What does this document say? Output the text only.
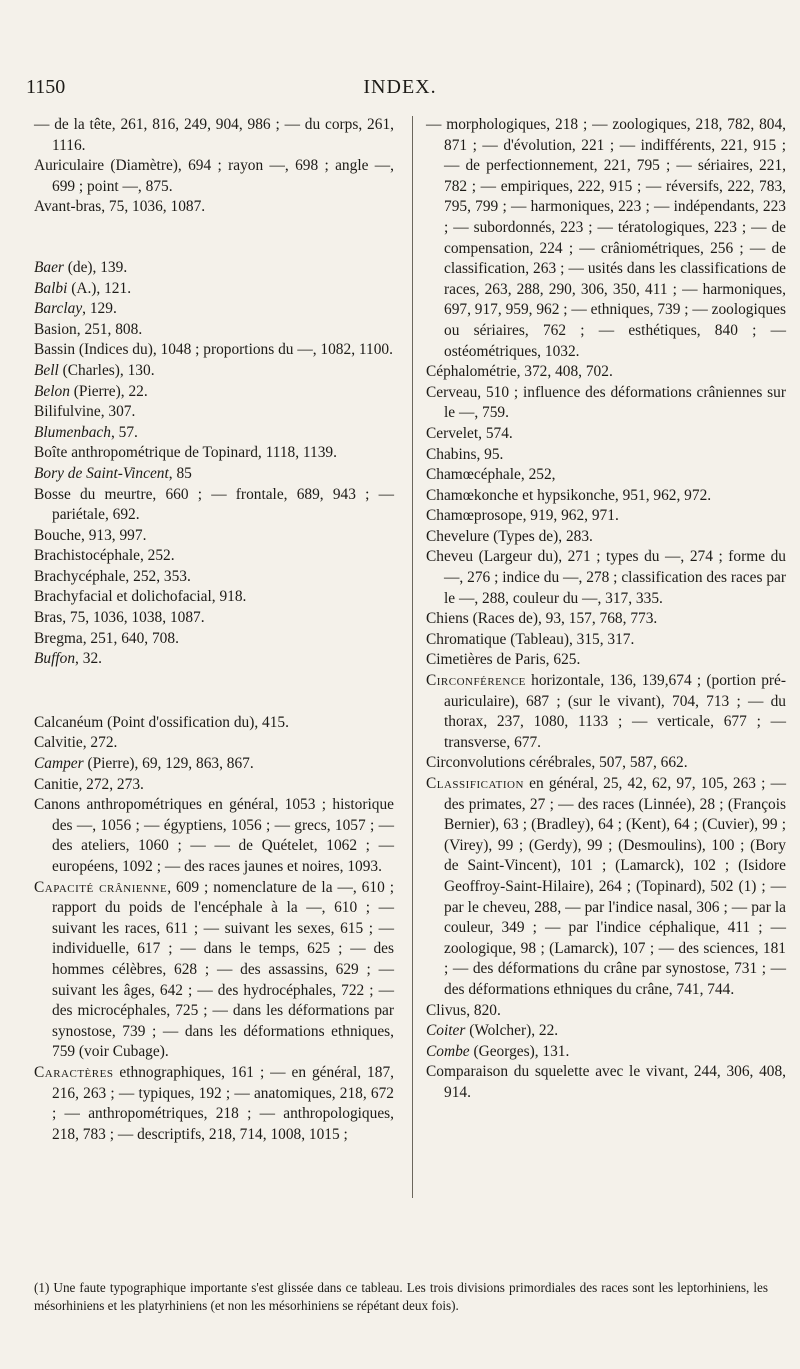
1150	INDEX.

— de la tête, 261, 816, 249, 904, 986 ; — du corps, 261, 1116.

Auriculaire (Diamètre), 694 ; rayon —, 698 ; angle —, 699 ; point —, 875.

Avant-bras, 75, 1036, 1087.

Baer (de), 139.

Balbi (A.), 121.

Barclay, 129.

Basion, 251, 808.

Bassin (Indices du), 1048 ; proportions du —, 1082, 1100.

Bell (Charles), 130.

Belon (Pierre), 22.

Bilifulvine, 307.

Blumenbach, 57.

Boîte anthropométrique de Topinard, 1118, 1139.

Bory de Saint-Vincent, 85

Bosse du meurtre, 660 ; — frontale, 689, 943 ; — pariétale, 692.

Bouche, 913, 997.

Brachistocéphale, 252.

Brachycéphale, 252, 353.

Brachyfacial et dolichofacial, 918.

Bras, 75, 1036, 1038, 1087.

Bregma, 251, 640, 708.

Buffon, 32.

Calcanéum (Point d'ossification du), 415.

Calvitie, 272.

Camper (Pierre), 69, 129, 863, 867.

Canitie, 272, 273.

Canons anthropométriques en général, 1053 ; historique des —, 1056 ; — égyptiens, 1056 ; — grecs, 1057 ; — des ateliers, 1060 ; — — de Quételet, 1062 ; — européens, 1092 ; — des races jaunes et noires, 1093.

Capacité crânienne, 609 ; nomenclature de la —, 610 ; rapport du poids de l'encéphale à la —, 610 ; — suivant les races, 611 ; — suivant les sexes, 615 ; — individuelle, 617 ; — dans le temps, 625 ; — des hommes célèbres, 628 ; — des assassins, 629 ; — suivant les âges, 642 ; — des hydrocéphales, 722 ; — des microcéphales, 725 ; — dans les déformations par synostose, 739 ; — dans les déformations ethniques, 759 (voir Cubage).

Caractères ethnographiques, 161 ; — en général, 187, 216, 263 ; — typiques, 192 ; — anatomiques, 218, 672 ; — anthropométriques, 218 ; — anthropologiques, 218, 783 ; — descriptifs, 218, 714, 1008, 1015 ;

— morphologiques, 218 ; — zoologiques, 218, 782, 804, 871 ; — d'évolution, 221 ; — indifférents, 221, 915 ; — de perfectionnement, 221, 795 ; — sériaires, 221, 782 ; — empiriques, 222, 915 ; — réversifs, 222, 783, 795, 799 ; — harmoniques, 223 ; — indépendants, 223 ; — subordonnés, 223 ; — tératologiques, 223 ; — de compensation, 224 ; — crâniométriques, 256 ; — de classification, 263 ; — usités dans les classifications de races, 263, 288, 290, 306, 350, 411 ; — harmoniques, 697, 917, 959, 962 ; — ethniques, 739 ; — zoologiques ou sériaires, 762 ; — esthétiques, 840 ; — ostéométriques, 1032.

Céphalométrie, 372, 408, 702.

Cerveau, 510 ; influence des déformations crâniennes sur le —, 759.

Cervelet, 574.

Chabins, 95.

Chamœcéphale, 252,

Chamœkonche et hypsikonche, 951, 962, 972.

Chamœprosope, 919, 962, 971.

Chevelure (Types de), 283.

Cheveu (Largeur du), 271 ; types du —, 274 ; forme du —, 276 ; indice du —, 278 ; classification des races par le —, 288, couleur du —, 317, 335.

Chiens (Races de), 93, 157, 768, 773.

Chromatique (Tableau), 315, 317.

Cimetières de Paris, 625.

Circonférence horizontale, 136, 139,674 ; (portion pré-auriculaire), 687 ; (sur le vivant), 704, 713 ; — du thorax, 237, 1080, 1133 ; — verticale, 677 ; — transverse, 677.

Circonvolutions cérébrales, 507, 587, 662.

Classification en général, 25, 42, 62, 97, 105, 263 ; — des primates, 27 ; — des races (Linnée), 28 ; (François Bernier), 63 ; (Bradley), 64 ; (Kent), 64 ; (Cuvier), 99 ; (Virey), 99 ; (Gerdy), 99 ; (Desmoulins), 100 ; (Bory de Saint-Vincent), 101 ; (Lamarck), 102 ; (Isidore Geoffroy-Saint-Hilaire), 264 ; (Topinard), 502 (1) ; — par le cheveu, 288, — par l'indice nasal, 306 ; — par la couleur, 349 ; — par l'indice céphalique, 411 ; — zoologique, 98 ; (Lamarck), 107 ; — des sciences, 181 ; — des déformations du crâne par synostose, 731 ; — des déformations ethniques du crâne, 741, 744.

Clivus, 820.

Coiter (Wolcher), 22.

Combe (Georges), 131.

Comparaison du squelette avec le vivant, 244, 306, 408, 914.

(1) Une faute typographique importante s'est glissée dans ce tableau. Les trois divisions primordiales des races sont les leptorhiniens, les mésorhiniens et les platyrhiniens (et non les mésorhiniens se répétant deux fois).
